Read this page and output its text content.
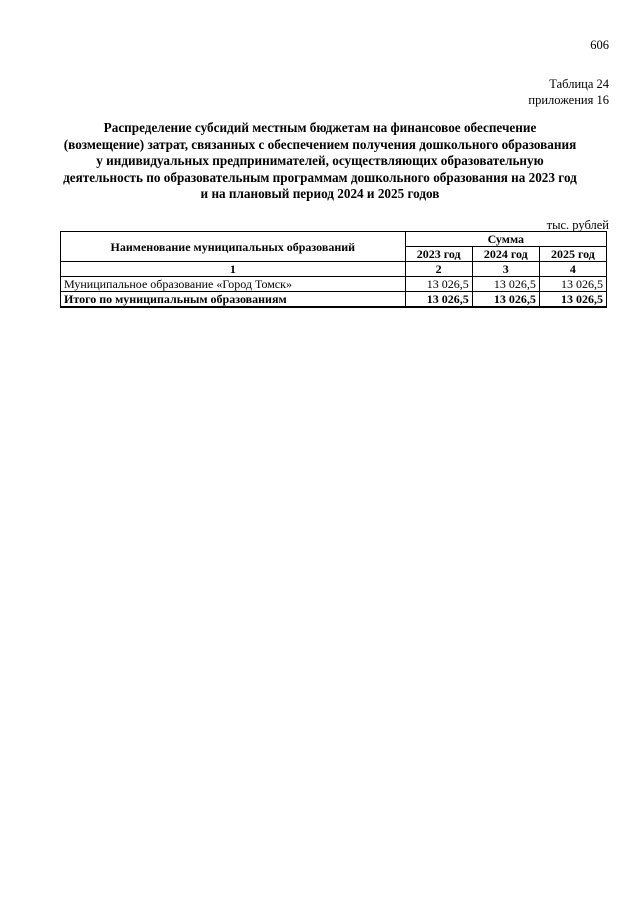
606
Таблица 24
приложения 16
Распределение субсидий местным бюджетам на финансовое обеспечение
(возмещение) затрат, связанных с обеспечением получения дошкольного образования
у индивидуальных предпринимателей, осуществляющих образовательную
деятельность по образовательным программам дошкольного образования на 2023 год
и на плановый период 2024 и 2025 годов
тыс. рублей
Наименование муниципальных образований	Сумма		
	2023 год	2024 год	2025 год
1	2	3	4
Муниципальное образование «Город Томск»	13 026,5	13 026,5	13 026,5
Итого по муниципальным образованиям	13 026,5	13 026,5	13 026,5
